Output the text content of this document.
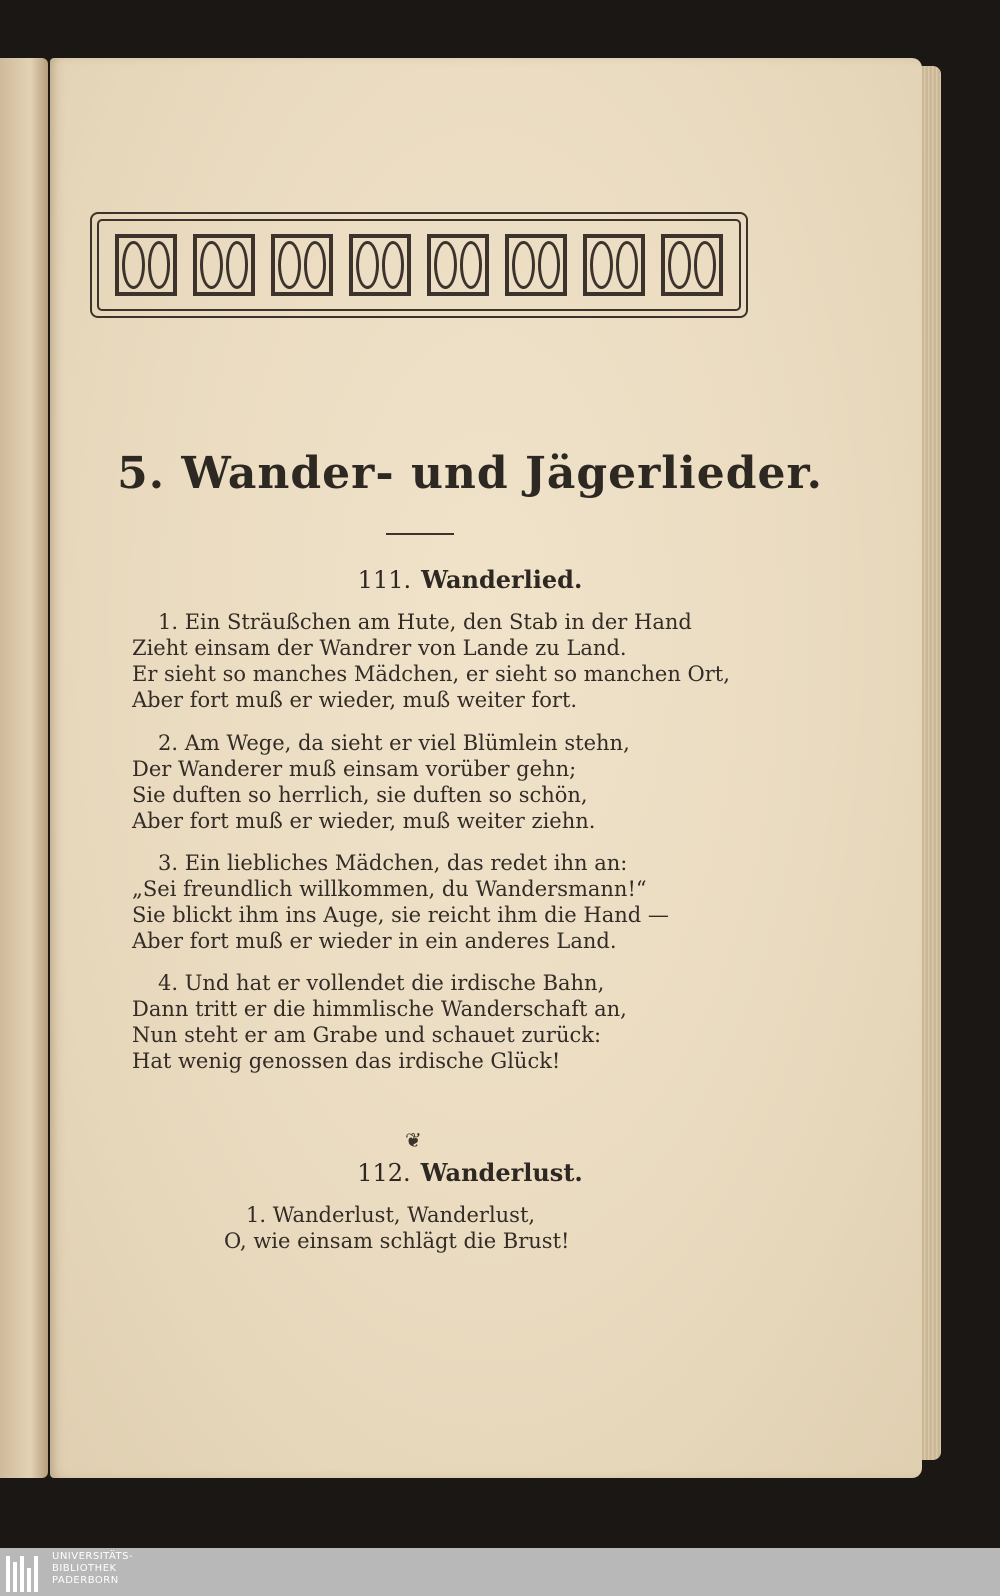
5. Wander- und Jägerlieder.
111. Wanderlied.
1. Ein Sträußchen am Hute, den Stab in der Hand
Zieht einsam der Wandrer von Lande zu Land.
Er sieht so manches Mädchen, er sieht so manchen Ort,
Aber fort muß er wieder, muß weiter fort.
2. Am Wege, da sieht er viel Blümlein stehn,
Der Wanderer muß einsam vorüber gehn;
Sie duften so herrlich, sie duften so schön,
Aber fort muß er wieder, muß weiter ziehn.
3. Ein liebliches Mädchen, das redet ihn an:
„Sei freundlich willkommen, du Wandersmann!“
Sie blickt ihm ins Auge, sie reicht ihm die Hand —
Aber fort muß er wieder in ein anderes Land.
4. Und hat er vollendet die irdische Bahn,
Dann tritt er die himmlische Wanderschaft an,
Nun steht er am Grabe und schauet zurück:
Hat wenig genossen das irdische Glück!
❦
112. Wanderlust.
1. Wanderlust, Wanderlust,
O, wie einsam schlägt die Brust!
UNIVERSITÄTS-
BIBLIOTHEK
PADERBORN
